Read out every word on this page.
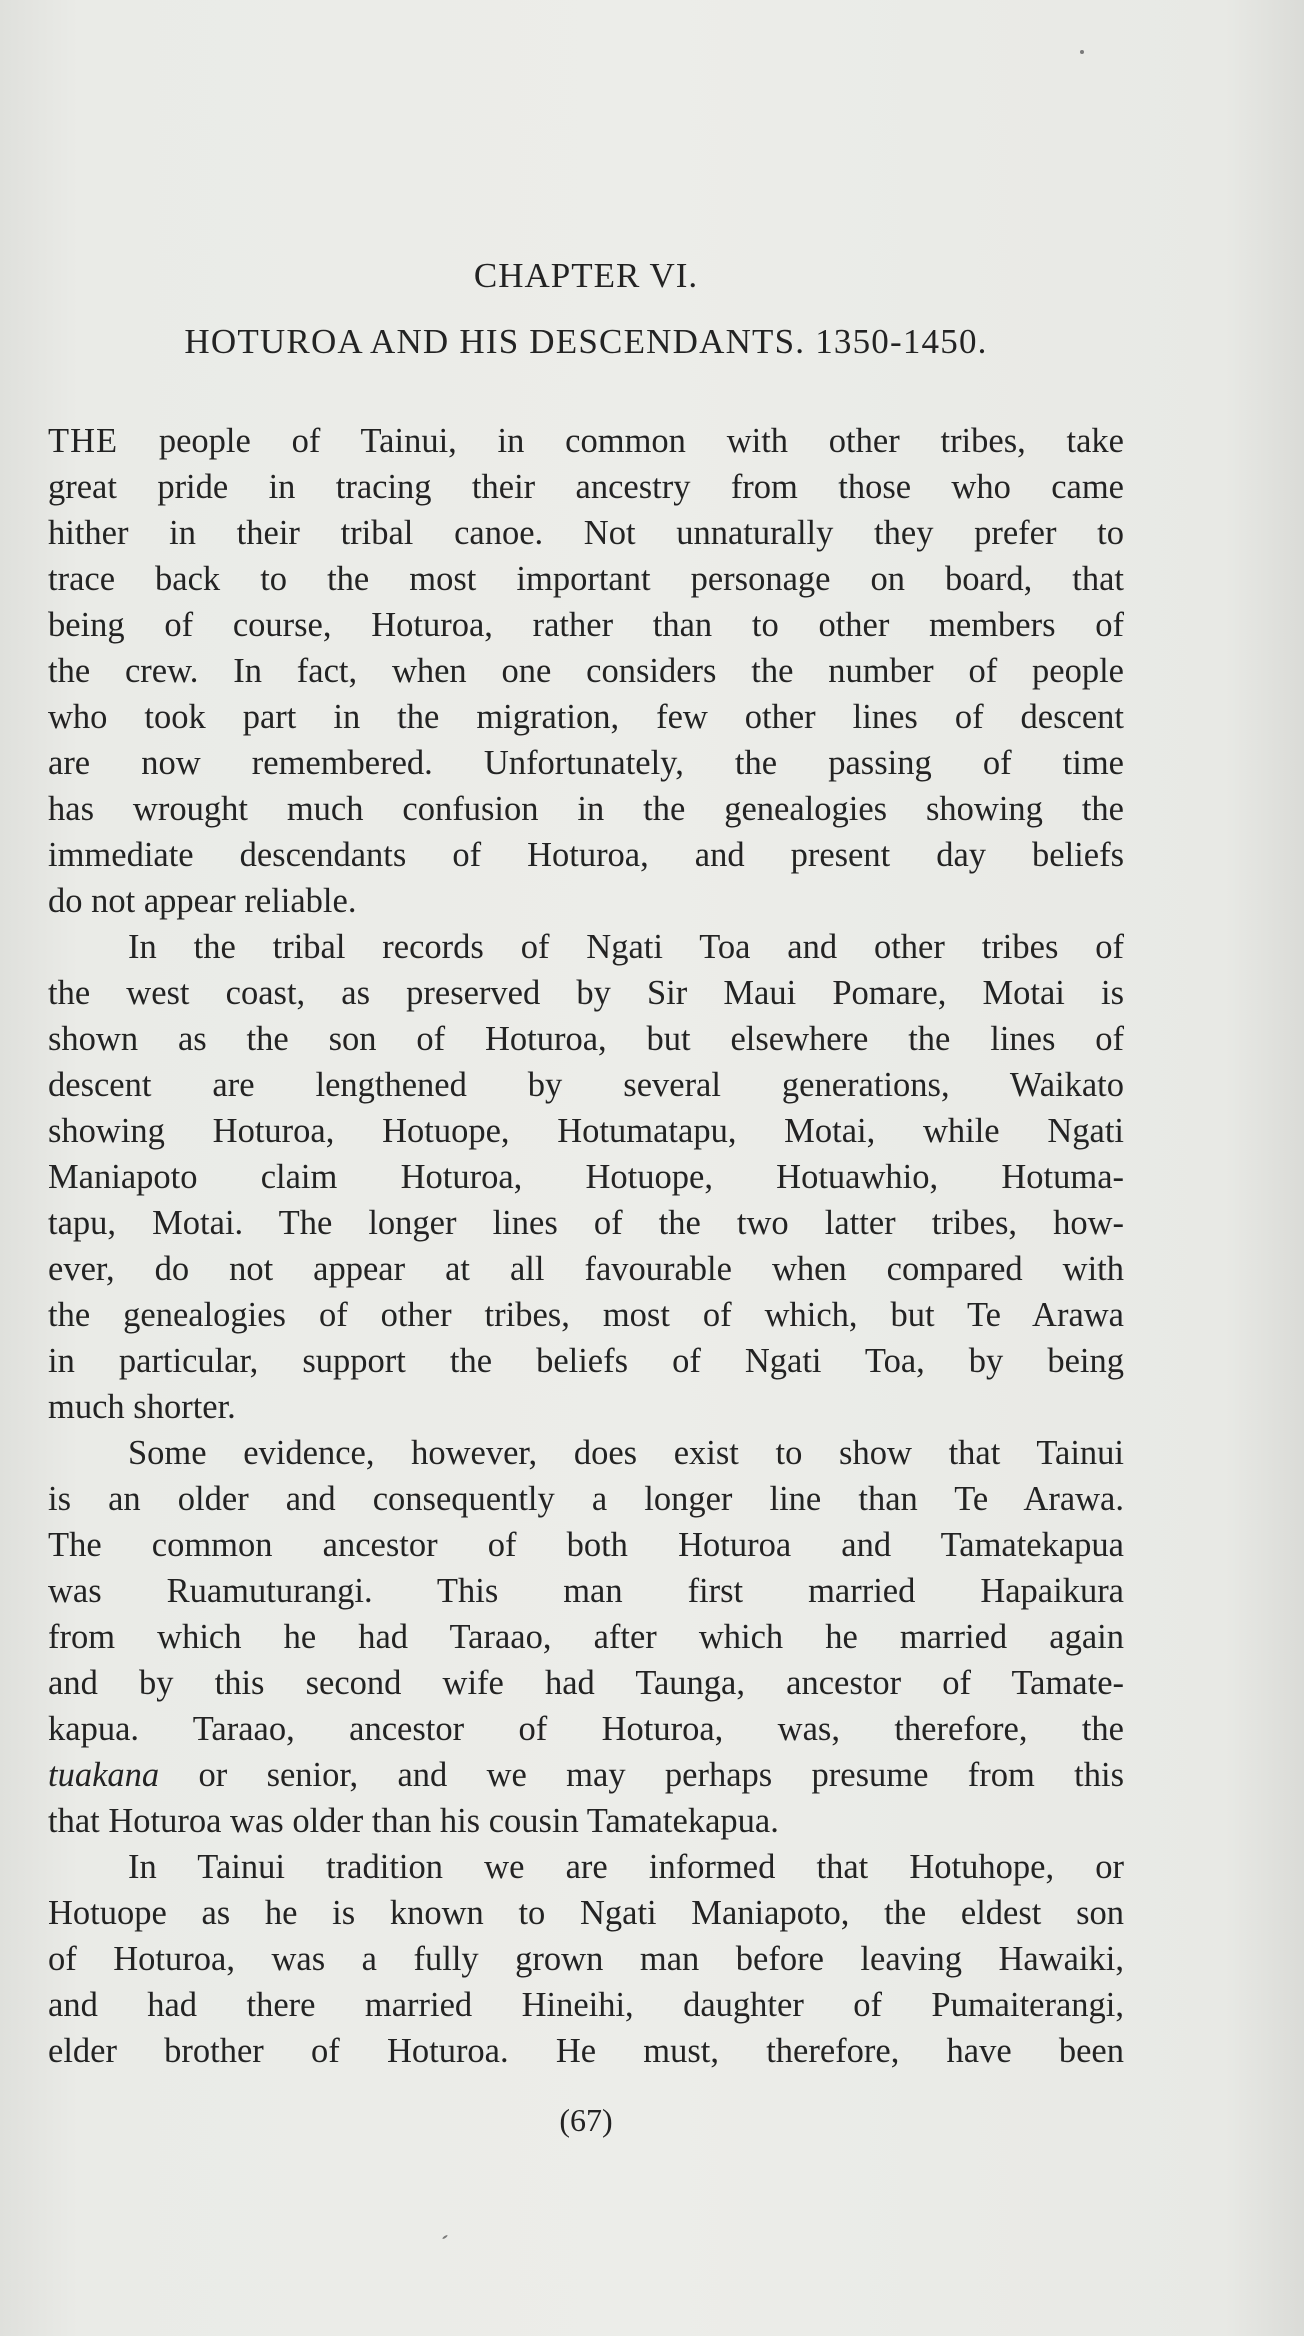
CHAPTER VI.
HOTUROA AND HIS DESCENDANTS. 1350-1450.
THE people of Tainui, in common with other tribes, take
great pride in tracing their ancestry from those who came
hither in their tribal canoe. Not unnaturally they prefer to
trace back to the most important personage on board, that
being of course, Hoturoa, rather than to other members of
the crew. In fact, when one considers the number of people
who took part in the migration, few other lines of descent
are now remembered. Unfortunately, the passing of time
has wrought much confusion in the genealogies showing the
immediate descendants of Hoturoa, and present day beliefs
do not appear reliable.
In the tribal records of Ngati Toa and other tribes of
the west coast, as preserved by Sir Maui Pomare, Motai is
shown as the son of Hoturoa, but elsewhere the lines of
descent are lengthened by several generations, Waikato
showing Hoturoa, Hotuope, Hotumatapu, Motai, while Ngati
Maniapoto claim Hoturoa, Hotuope, Hotuawhio, Hotuma-
tapu, Motai. The longer lines of the two latter tribes, how-
ever, do not appear at all favourable when compared with
the genealogies of other tribes, most of which, but Te Arawa
in particular, support the beliefs of Ngati Toa, by being
much shorter.
Some evidence, however, does exist to show that Tainui
is an older and consequently a longer line than Te Arawa.
The common ancestor of both Hoturoa and Tamatekapua
was Ruamuturangi. This man first married Hapaikura
from which he had Taraao, after which he married again
and by this second wife had Taunga, ancestor of Tamate-
kapua. Taraao, ancestor of Hoturoa, was, therefore, the
tuakana or senior, and we may perhaps presume from this
that Hoturoa was older than his cousin Tamatekapua.
In Tainui tradition we are informed that Hotuhope, or
Hotuope as he is known to Ngati Maniapoto, the eldest son
of Hoturoa, was a fully grown man before leaving Hawaiki,
and had there married Hineihi, daughter of Pumaiterangi,
elder brother of Hoturoa. He must, therefore, have been
(67)
